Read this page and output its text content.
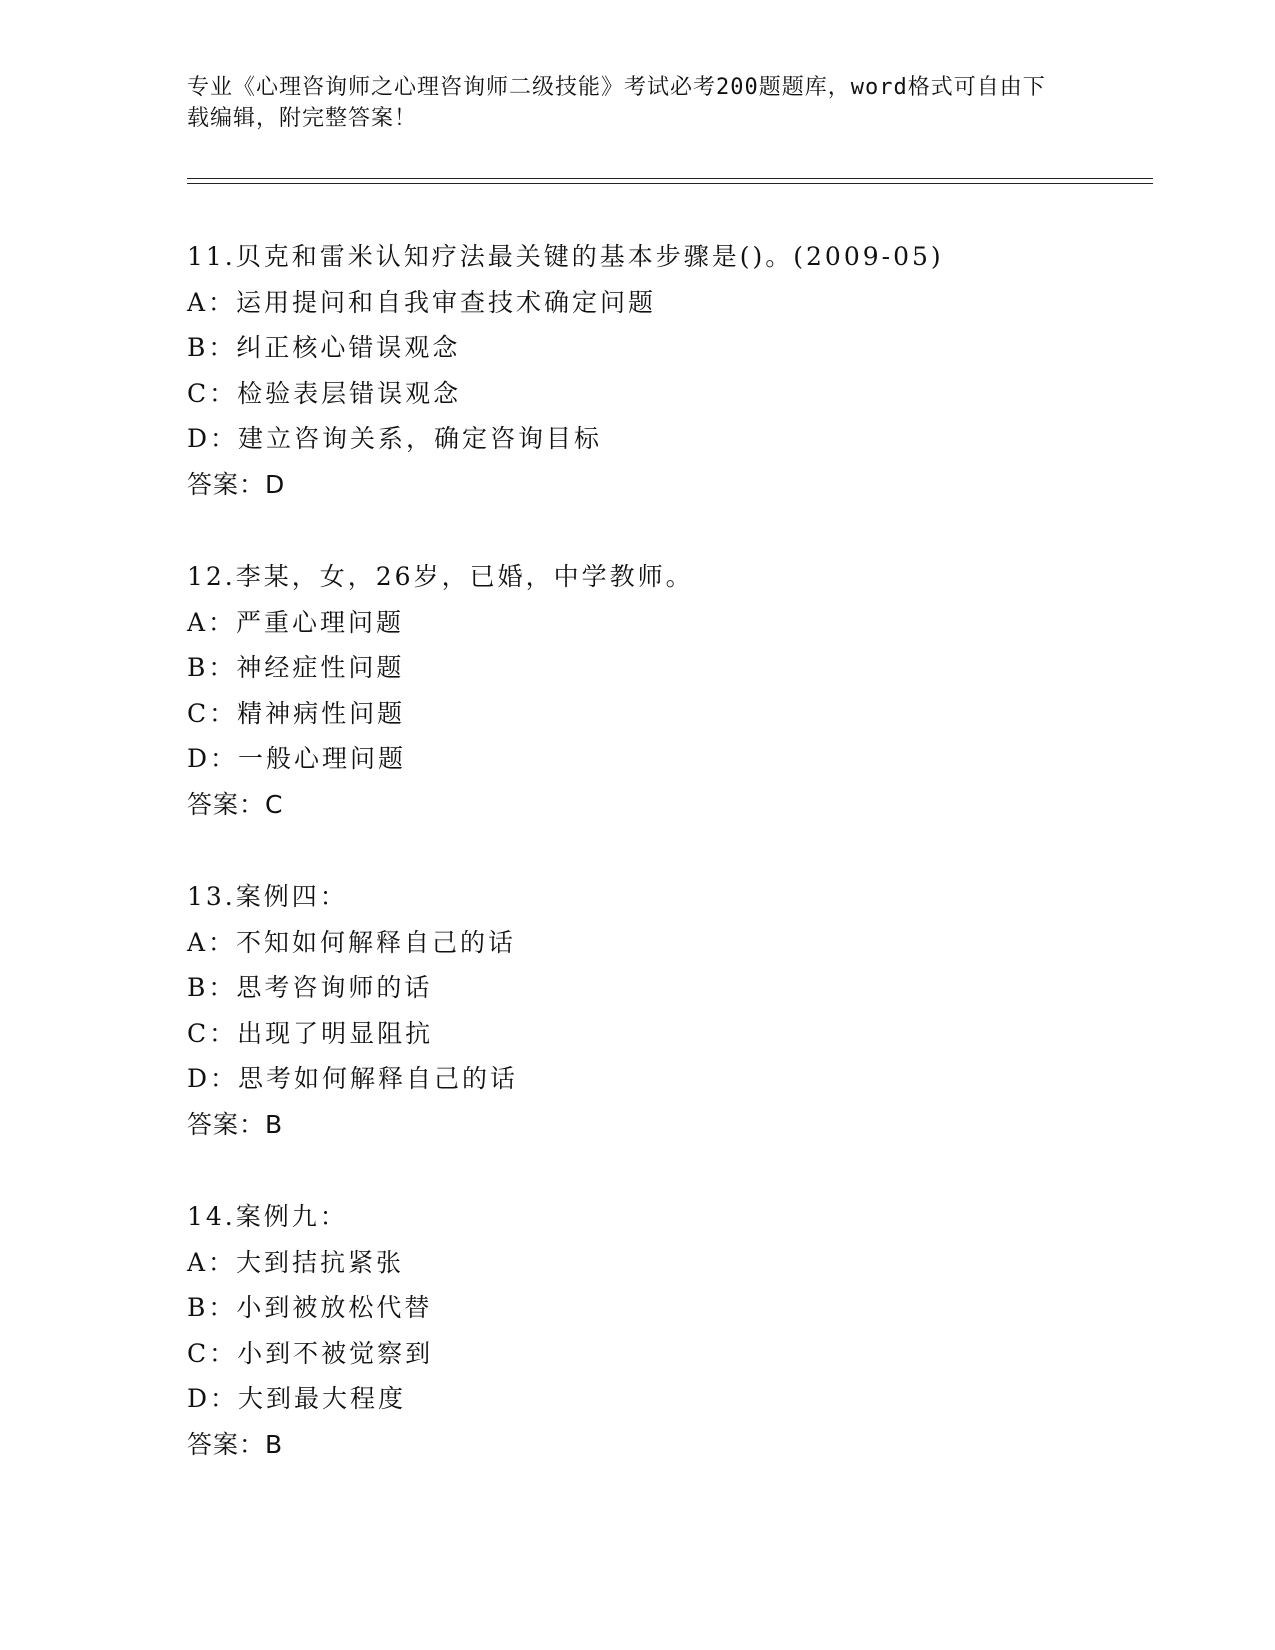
专业《心理咨询师之心理咨询师二级技能》考试必考200题题库，word格式可自由下载编辑，附完整答案！
11.贝克和雷米认知疗法最关键的基本步骤是()。(2009-05)
A：运用提问和自我审查技术确定问题
B：纠正核心错误观念
C：检验表层错误观念
D：建立咨询关系，确定咨询目标
答案：D
12.李某，女，26岁，已婚，中学教师。
A：严重心理问题
B：神经症性问题
C：精神病性问题
D：一般心理问题
答案：C
13.案例四：
A：不知如何解释自己的话
B：思考咨询师的话
C：出现了明显阻抗
D：思考如何解释自己的话
答案：B
14.案例九：
A：大到拮抗紧张
B：小到被放松代替
C：小到不被觉察到
D：大到最大程度
答案：B
